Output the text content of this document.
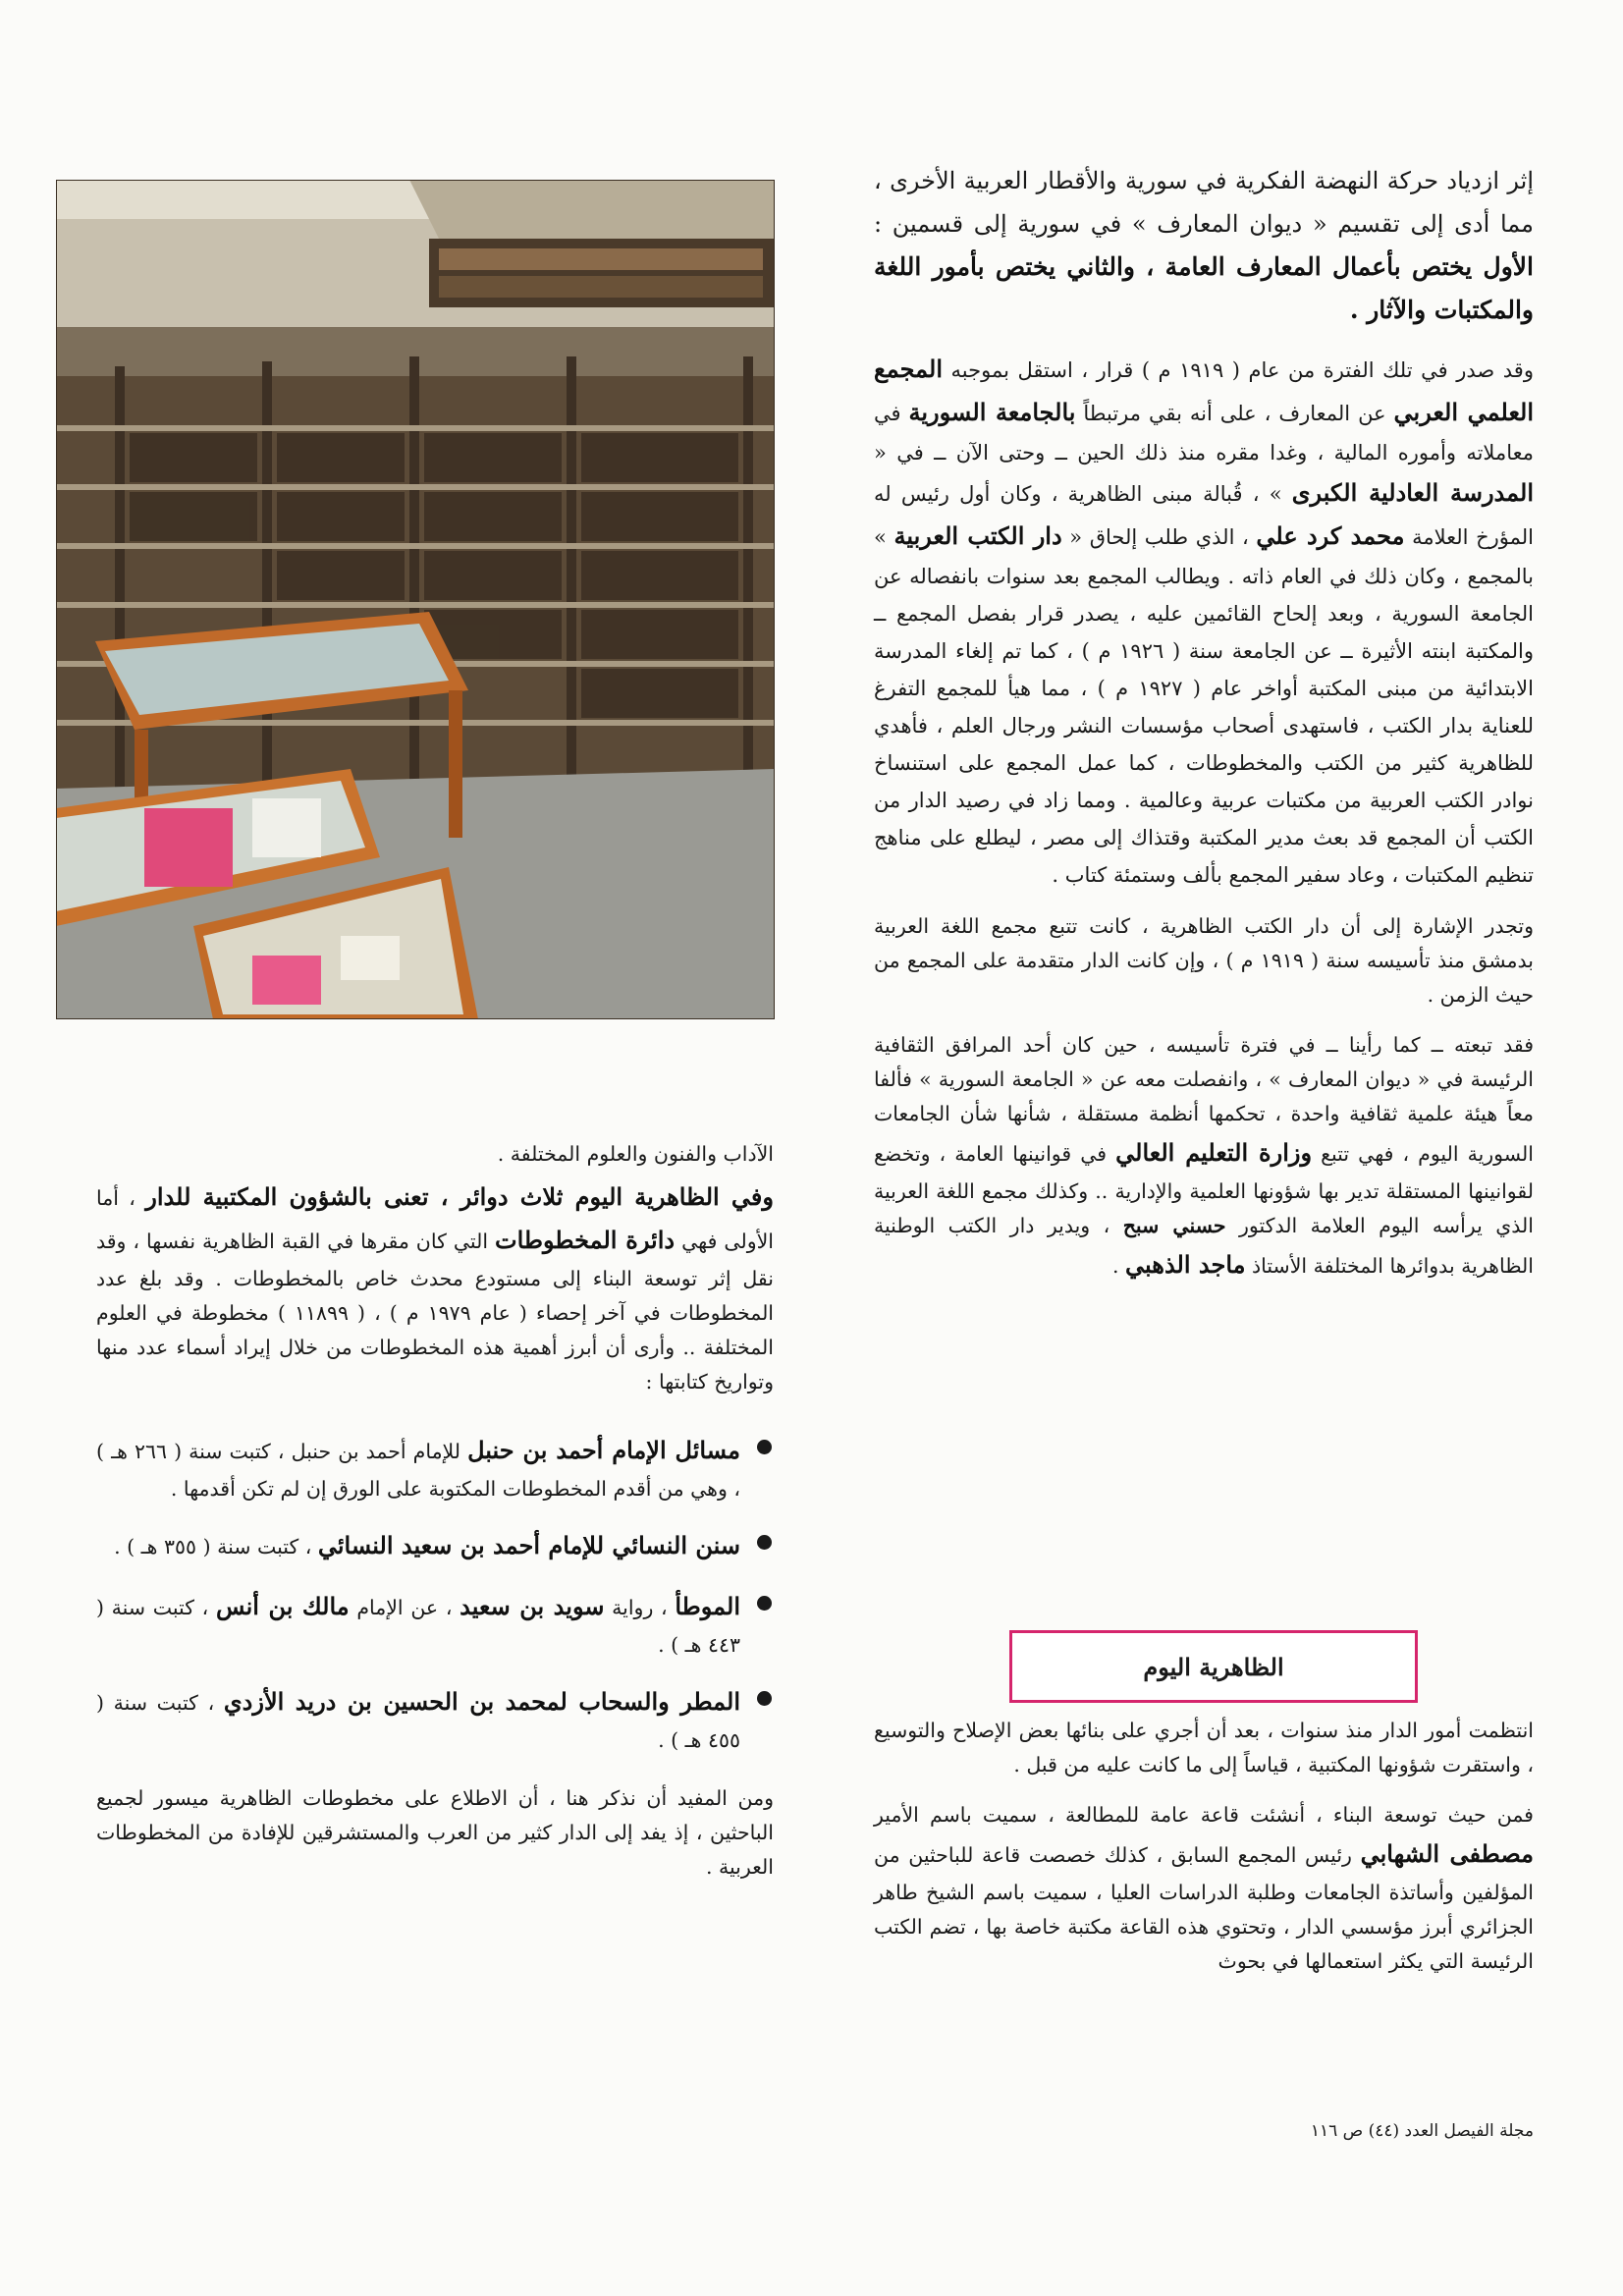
إثر ازدياد حركة النهضة الفكرية في سورية والأقطار العربية الأخرى ، مما أدى إلى تقسيم « ديوان المعارف » في سورية إلى قسمين : الأول يختص بأعمال المعارف العامة ، والثاني يختص بأمور اللغة والمكتبات والآثار .

وقد صدر في تلك الفترة من عام ( ١٩١٩ م ) قرار ، استقل بموجبه المجمع العلمي العربي عن المعارف ، على أنه بقي مرتبطاً بالجامعة السورية في معاملاته وأموره المالية ، وغدا مقره منذ ذلك الحين ــ وحتى الآن ــ في « المدرسة العادلية الكبرى » ، قُبالة مبنى الظاهرية ، وكان أول رئيس له المؤرخ العلامة محمد كرد علي ، الذي طلب إلحاق « دار الكتب العربية » بالمجمع ، وكان ذلك في العام ذاته . ويطالب المجمع بعد سنوات بانفصاله عن الجامعة السورية ، وبعد إلحاح القائمين عليه ، يصدر قرار بفصل المجمع ــ والمكتبة ابنته الأثيرة ــ عن الجامعة سنة ( ١٩٢٦ م ) ، كما تم إلغاء المدرسة الابتدائية من مبنى المكتبة أواخر عام ( ١٩٢٧ م ) ، مما هيأ للمجمع التفرغ للعناية بدار الكتب ، فاستهدى أصحاب مؤسسات النشر ورجال العلم ، فأهدي للظاهرية كثير من الكتب والمخطوطات ، كما عمل المجمع على استنساخ نوادر الكتب العربية من مكتبات عربية وعالمية . ومما زاد في رصيد الدار من الكتب أن المجمع قد بعث مدير المكتبة وقتذاك إلى مصر ، ليطلع على مناهج تنظيم المكتبات ، وعاد سفير المجمع بألف وستمئة كتاب .

وتجدر الإشارة إلى أن دار الكتب الظاهرية ، كانت تتبع مجمع اللغة العربية بدمشق منذ تأسيسه سنة ( ١٩١٩ م ) ، وإن كانت الدار متقدمة على المجمع من حيث الزمن .

فقد تبعته ــ كما رأينا ــ في فترة تأسيسه ، حين كان أحد المرافق الثقافية الرئيسة في « ديوان المعارف » ، وانفصلت معه عن « الجامعة السورية » فألفا معاً هيئة علمية ثقافية واحدة ، تحكمها أنظمة مستقلة ، شأنها شأن الجامعات السورية اليوم ، فهي تتبع وزارة التعليم العالي في قوانينها العامة ، وتخضع لقوانينها المستقلة تدير بها شؤونها العلمية والإدارية .. وكذلك مجمع اللغة العربية الذي يرأسه اليوم العلامة الدكتور حسني سبح ، ويدير دار الكتب الوطنية الظاهرية بدوائرها المختلفة الأستاذ ماجد الذهبي .

الظاهرية اليوم

انتظمت أمور الدار منذ سنوات ، بعد أن أجري على بنائها بعض الإصلاح والتوسيع ، واستقرت شؤونها المكتبية ، قياساً إلى ما كانت عليه من قبل .

فمن حيث توسعة البناء ، أنشئت قاعة عامة للمطالعة ، سميت باسم الأمير مصطفى الشهابي رئيس المجمع السابق ، كذلك خصصت قاعة للباحثين من المؤلفين وأساتذة الجامعات وطلبة الدراسات العليا ، سميت باسم الشيخ طاهر الجزائري أبرز مؤسسي الدار ، وتحتوي هذه القاعة مكتبة خاصة بها ، تضم الكتب الرئيسة التي يكثر استعمالها في بحوث

الآداب والفنون والعلوم المختلفة .

وفي الظاهرية اليوم ثلاث دوائر ، تعنى بالشؤون المكتبية للدار ، أما الأولى فهي دائرة المخطوطات التي كان مقرها في القبة الظاهرية نفسها ، وقد نقل إثر توسعة البناء إلى مستودع محدث خاص بالمخطوطات . وقد بلغ عدد المخطوطات في آخر إحصاء ( عام ١٩٧٩ م ) ، ( ١١٨٩٩ ) مخطوطة في العلوم المختلفة .. وأرى أن أبرز أهمية هذه المخطوطات من خلال إيراد أسماء عدد منها وتواريخ كتابتها :

مسائل الإمام أحمد بن حنبل للإمام أحمد بن حنبل ، كتبت سنة ( ٢٦٦ هـ ) ، وهي من أقدم المخطوطات المكتوبة على الورق إن لم تكن أقدمها .

سنن النسائي للإمام أحمد بن سعيد النسائي ، كتبت سنة ( ٣٥٥ هـ ) .

الموطأ ، رواية سويد بن سعيد ، عن الإمام مالك بن أنس ، كتبت سنة ( ٤٤٣ هـ ) .

المطر والسحاب لمحمد بن الحسين بن دريد الأزدي ، كتبت سنة ( ٤٥٥ هـ ) .

ومن المفيد أن نذكر هنا ، أن الاطلاع على مخطوطات الظاهرية ميسور لجميع الباحثين ، إذ يفد إلى الدار كثير من العرب والمستشرقين للإفادة من المخطوطات العربية .

مجلة الفيصل العدد (٤٤) ص ١١٦
